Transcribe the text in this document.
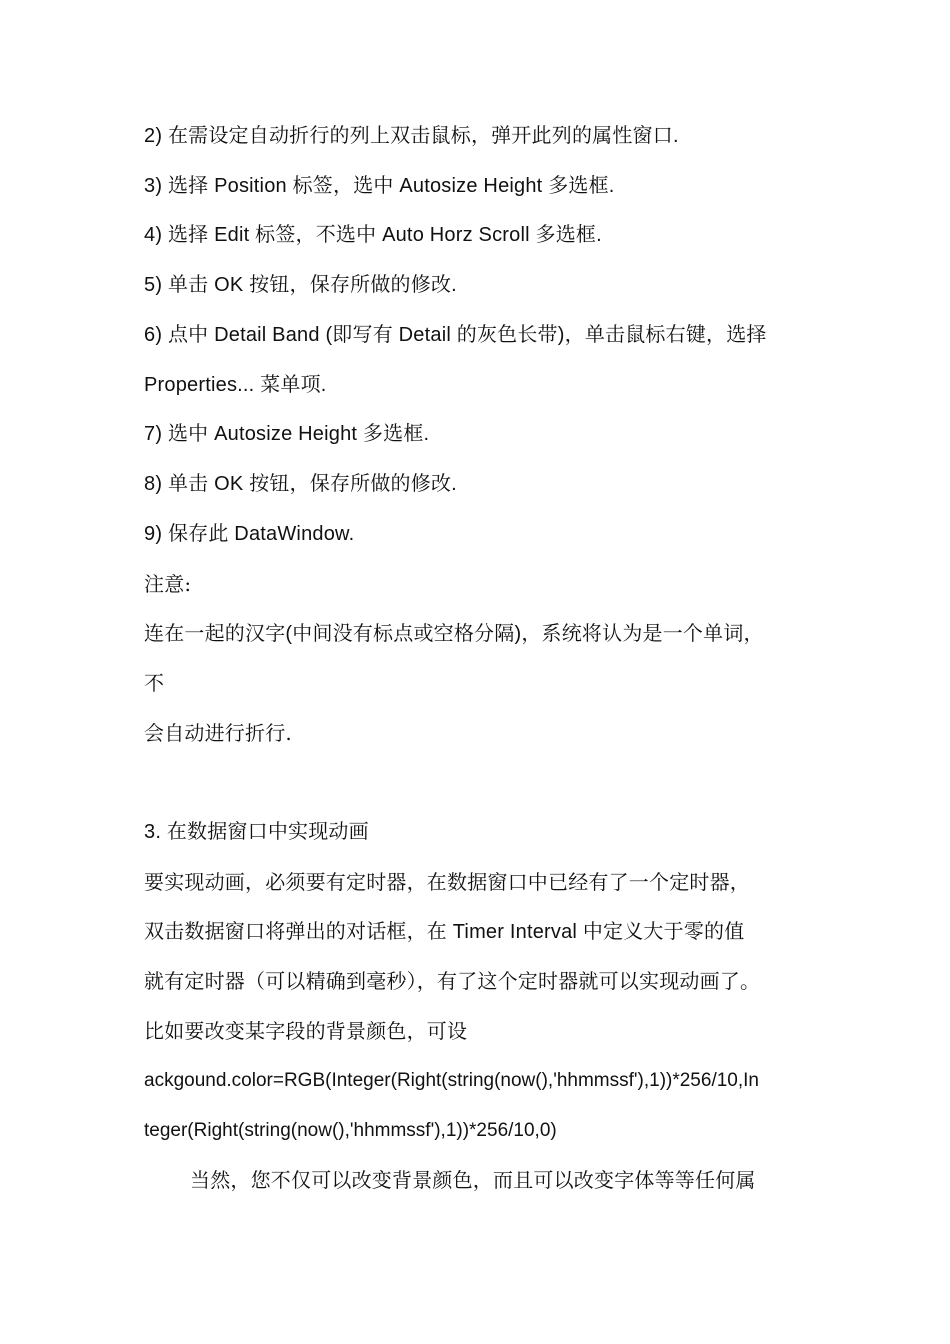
2) 在需设定自动折行的列上双击鼠标，弹开此列的属性窗口.
3) 选择 Position 标签，选中 Autosize Height 多选框.
4) 选择 Edit 标签，不选中 Auto Horz Scroll 多选框.
5) 单击 OK 按钮，保存所做的修改.
6) 点中 Detail Band (即写有 Detail 的灰色长带)，单击鼠标右键，选择
Properties... 菜单项.
7) 选中 Autosize Height 多选框.
8) 单击 OK 按钮，保存所做的修改.
9) 保存此 DataWindow.
注意:
连在一起的汉字(中间没有标点或空格分隔)，系统将认为是一个单词，
不
会自动进行折行.
3. 在数据窗口中实现动画
要实现动画，必须要有定时器，在数据窗口中已经有了一个定时器，
双击数据窗口将弹出的对话框，在 Timer Interval 中定义大于零的值
就有定时器（可以精确到毫秒），有了这个定时器就可以实现动画了。
比如要改变某字段的背景颜色，可设
ackgound.color=RGB(Integer(Right(string(now(),'hhmmssf'),1))*256/10,In
teger(Right(string(now(),'hhmmssf'),1))*256/10,0)
当然，您不仅可以改变背景颜色，而且可以改变字体等等任何属
